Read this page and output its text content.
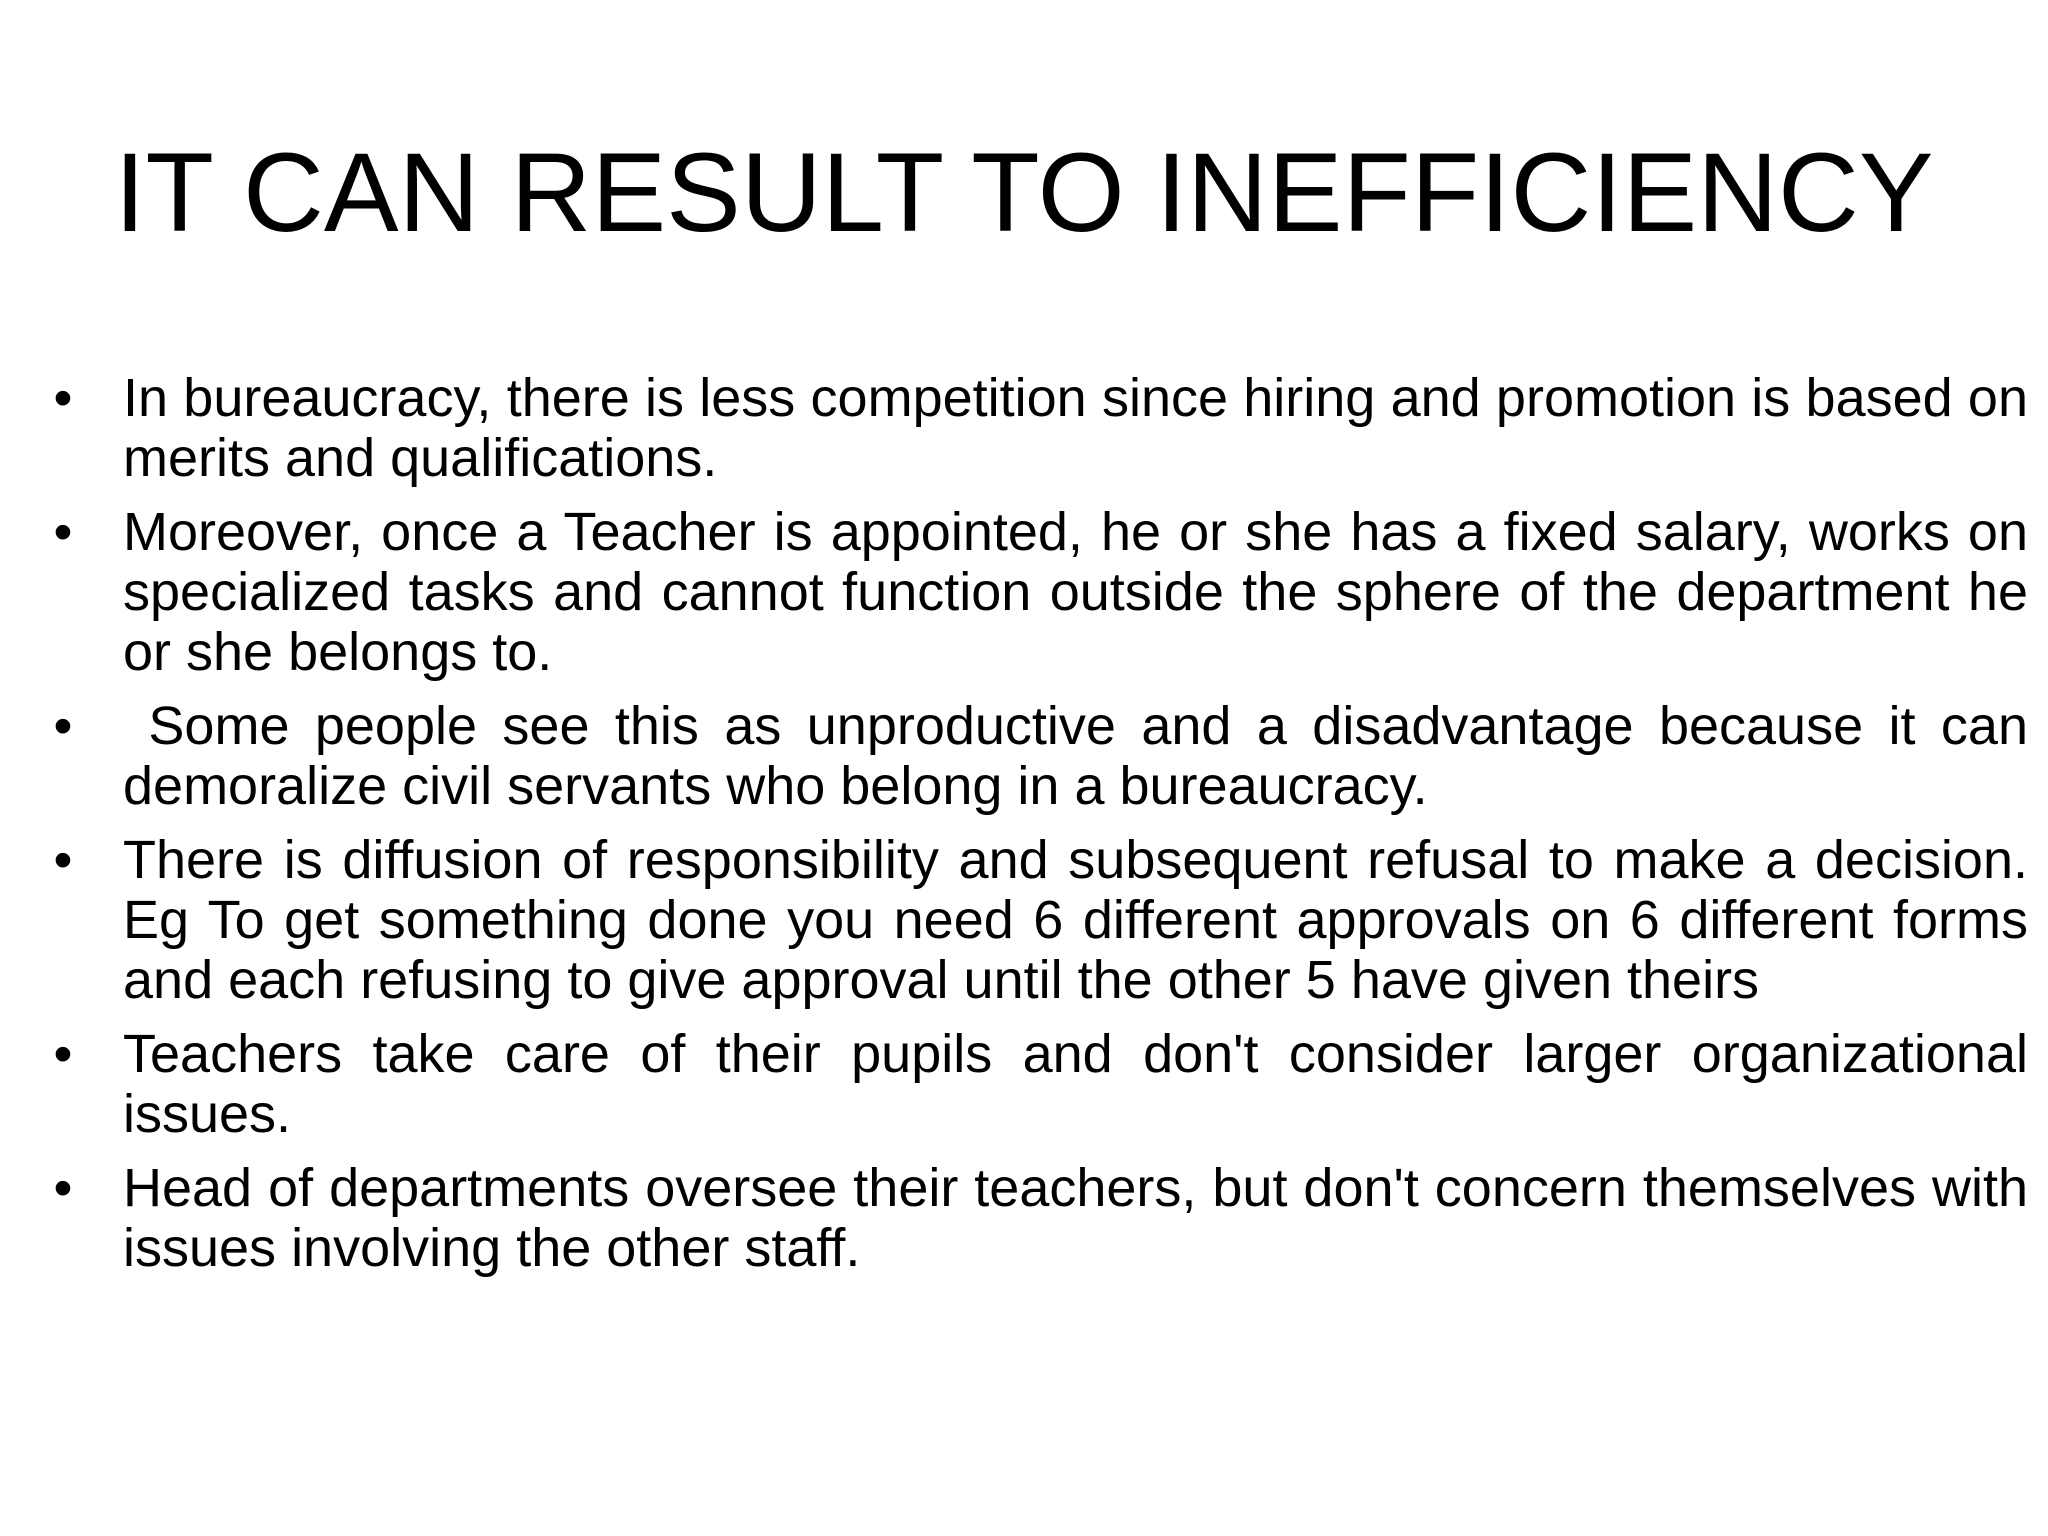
IT CAN RESULT TO INEFFICIENCY
• In bureaucracy, there is less competition since hiring and promotion is based on merits and qualifications.
• Moreover, once a Teacher is appointed, he or she has a fixed salary, works on specialized tasks and cannot function outside the sphere of the department he or she belongs to.
• Some people see this as unproductive and a disadvantage because it can demoralize civil servants who belong in a bureaucracy.
• There is diffusion of responsibility and subsequent refusal to make a decision. Eg To get something done you need 6 different approvals on 6 different forms and each refusing to give approval until the other 5 have given theirs
• Teachers take care of their pupils and don't consider larger organizational issues.
• Head of departments oversee their teachers, but don't concern themselves with issues involving the other staff.
